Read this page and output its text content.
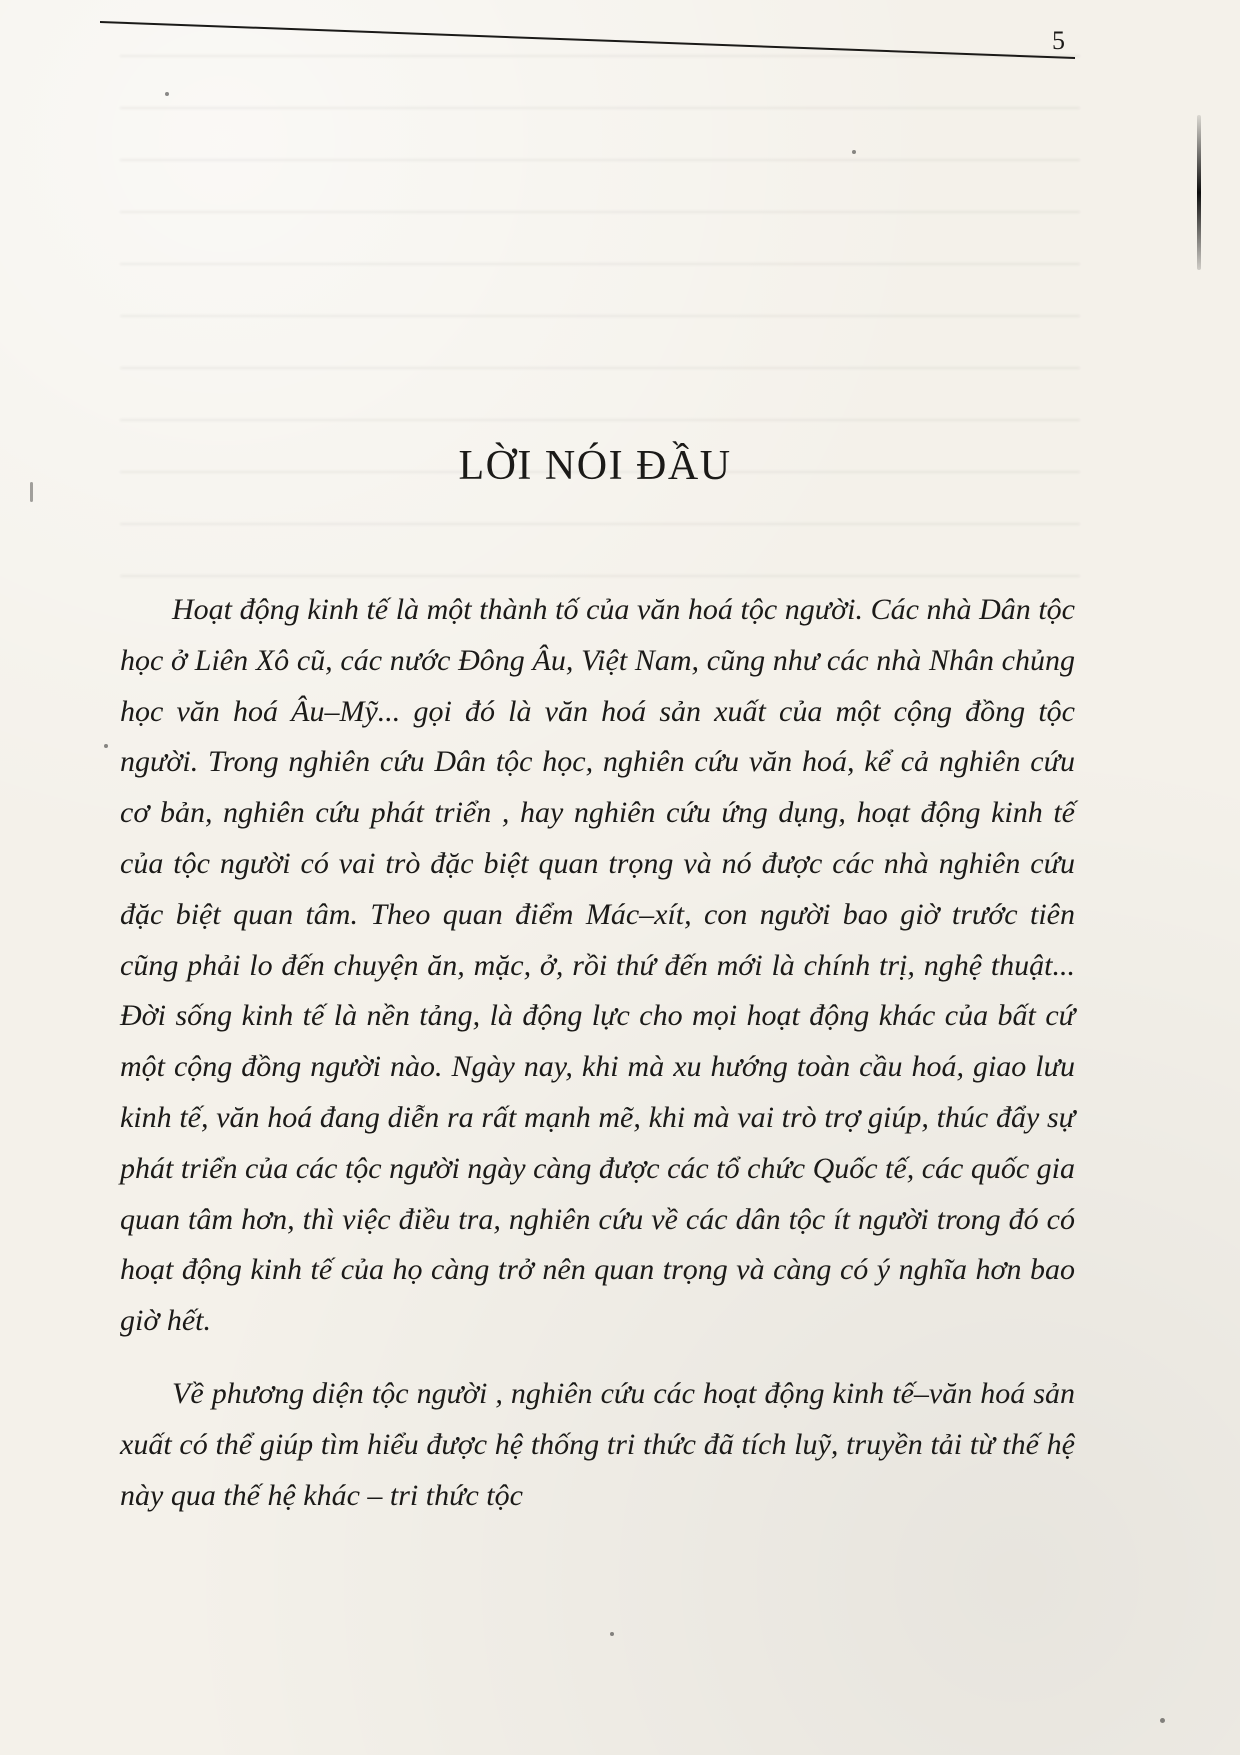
5
LỜI NÓI ĐẦU

Hoạt động kinh tế là một thành tố của văn hoá tộc người. Các nhà Dân tộc học ở Liên Xô cũ, các nước Đông Âu, Việt Nam, cũng như các nhà Nhân chủng học văn hoá Âu–Mỹ... gọi đó là văn hoá sản xuất của một cộng đồng tộc người. Trong nghiên cứu Dân tộc học, nghiên cứu văn hoá, kể cả nghiên cứu cơ bản, nghiên cứu phát triển , hay nghiên cứu ứng dụng, hoạt động kinh tế của tộc người có vai trò đặc biệt quan trọng và nó được các nhà nghiên cứu đặc biệt quan tâm. Theo quan điểm Mác–xít, con người bao giờ trước tiên cũng phải lo đến chuyện ăn, mặc, ở, rồi thứ đến mới là chính trị, nghệ thuật... Đời sống kinh tế là nền tảng, là động lực cho mọi hoạt động khác của bất cứ một cộng đồng người nào. Ngày nay, khi mà xu hướng toàn cầu hoá, giao lưu kinh tế, văn hoá đang diễn ra rất mạnh mẽ, khi mà vai trò trợ giúp, thúc đẩy sự phát triển của các tộc người ngày càng được các tổ chức Quốc tế, các quốc gia quan tâm hơn, thì việc điều tra, nghiên cứu về các dân tộc ít người trong đó có hoạt động kinh tế của họ càng trở nên quan trọng và càng có ý nghĩa hơn bao giờ hết.

Về phương diện tộc người , nghiên cứu các hoạt động kinh tế–văn hoá sản xuất có thể giúp tìm hiểu được hệ thống tri thức đã tích luỹ, truyền tải từ thế hệ này qua thế hệ khác – tri thức tộc
